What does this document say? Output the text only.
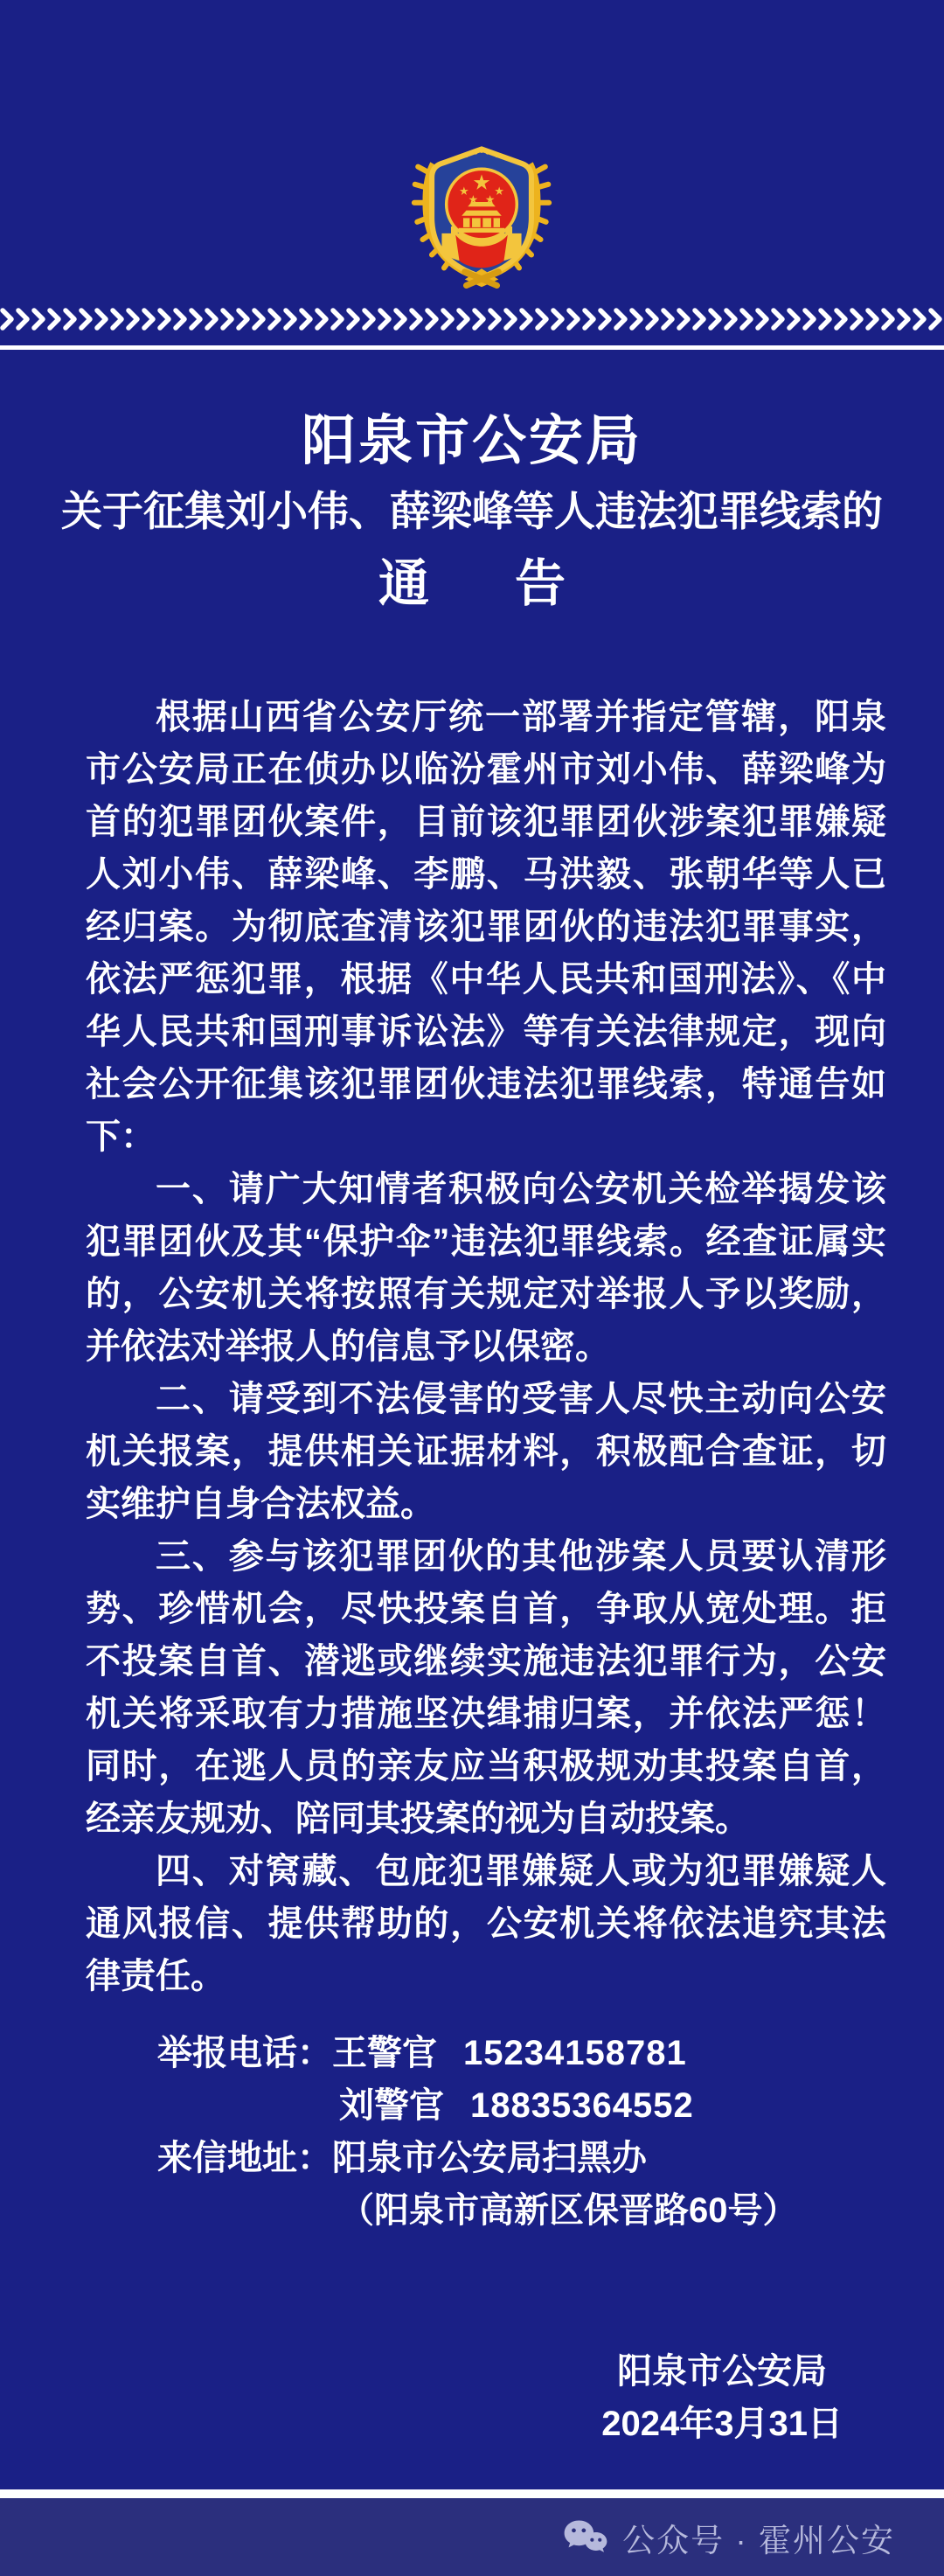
阳泉市公安局
关于征集刘小伟、薛梁峰等人违法犯罪线索的
通 告

根据山西省公安厅统一部署并指定管辖，阳泉市公安局正在侦办以临汾霍州市刘小伟、薛梁峰为首的犯罪团伙案件，目前该犯罪团伙涉案犯罪嫌疑人刘小伟、薛梁峰、李鹏、马洪毅、张朝华等人已经归案。为彻底查清该犯罪团伙的违法犯罪事实，依法严惩犯罪，根据《中华人民共和国刑法》、《中华人民共和国刑事诉讼法》等有关法律规定，现向社会公开征集该犯罪团伙违法犯罪线索，特通告如下：

一、请广大知情者积极向公安机关检举揭发该犯罪团伙及其“保护伞”违法犯罪线索。经查证属实的，公安机关将按照有关规定对举报人予以奖励，并依法对举报人的信息予以保密。

二、请受到不法侵害的受害人尽快主动向公安机关报案，提供相关证据材料，积极配合查证，切实维护自身合法权益。

三、参与该犯罪团伙的其他涉案人员要认清形势、珍惜机会，尽快投案自首，争取从宽处理。拒不投案自首、潜逃或继续实施违法犯罪行为，公安机关将采取有力措施坚决缉捕归案，并依法严惩！同时，在逃人员的亲友应当积极规劝其投案自首，经亲友规劝、陪同其投案的视为自动投案。

四、对窝藏、包庇犯罪嫌疑人或为犯罪嫌疑人通风报信、提供帮助的，公安机关将依法追究其法律责任。

举报电话：王警官 15234158781
刘警官 18835364552
来信地址：阳泉市公安局扫黑办
（阳泉市高新区保晋路60号）
阳泉市公安局
2024年3月31日
公众号 · 霍州公安
